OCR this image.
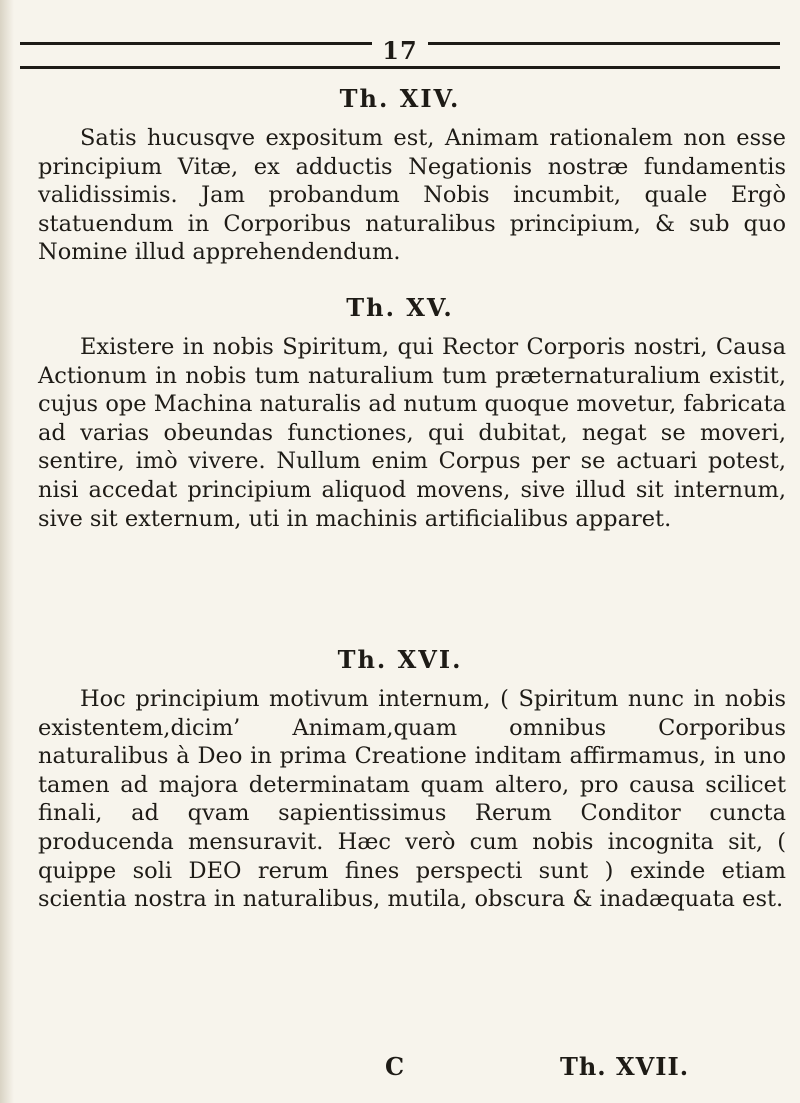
17
Th. XIV.

Satis hucusqve expositum est, Animam rationalem non esse principium Vitæ, ex adductis Negationis nostræ fundamentis validissimis. Jam probandum Nobis incumbit, quale Ergò statuendum in Corporibus naturalibus principium, & sub quo Nomine illud apprehendendum.

Th. XV.

Existere in nobis Spiritum, qui Rector Corporis nostri, Causa Actionum in nobis tum naturalium tum præternaturalium existit, cujus ope Machina naturalis ad nutum quoque movetur, fabricata ad varias obeundas functiones, qui dubitat, negat se moveri, sentire, imò vivere. Nullum enim Corpus per se actuari potest, nisi accedat principium aliquod movens, sive illud sit internum, sive sit externum, uti in machinis artificialibus apparet.

Th. XVI.

Hoc principium motivum internum, ( Spiritum nunc in nobis existentem,dicim’ Animam,quam omnibus Corporibus naturalibus à Deo in prima Creatione inditam affirmamus, in uno tamen ad majora determinatam quam altero, pro causa scilicet finali, ad qvam sapientissimus Rerum Conditor cuncta producenda mensuravit. Hæc verò cum nobis incognita sit, ( quippe soli DEO rerum fines perspecti sunt ) exinde etiam scientia nostra in naturalibus, mutila, obscura & inadæquata est.

C	Th. XVII.
